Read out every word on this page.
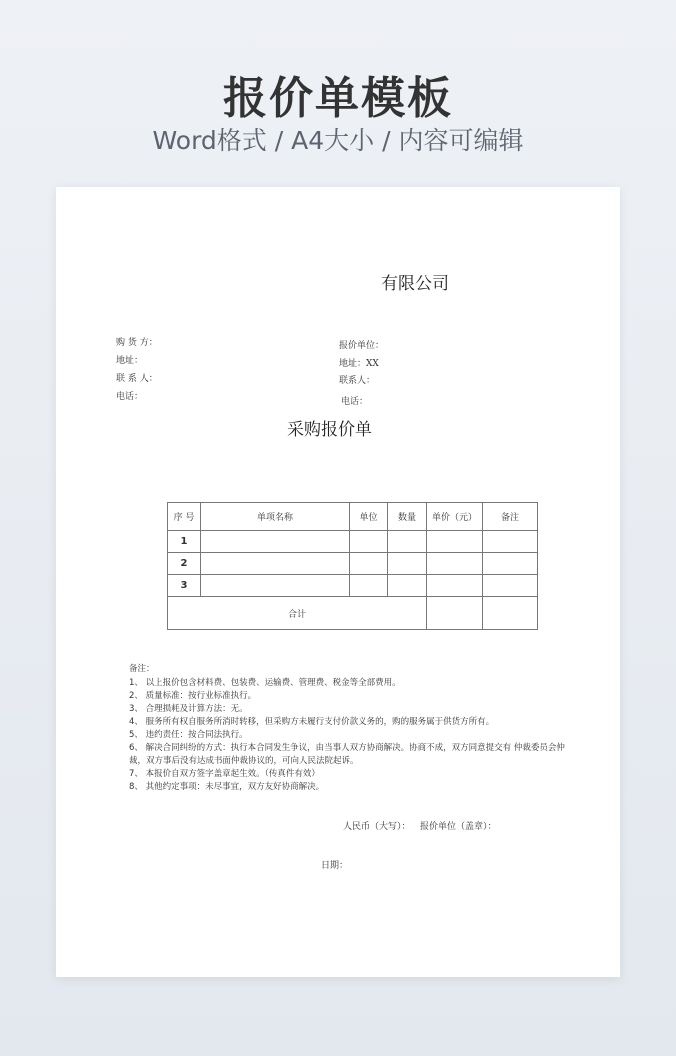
报价单模板
Word格式 / A4大小 / 内容可编辑
有限公司
购 货 方：
地址：
联 系 人：
电话：
报价单位：
地址：XX
联系人：
电话：
采购报价单
序 号	单项名称	单位	数量	单价（元）	备注
1					
2					
3					
合计					
备注：
1、 以上报价包含材料费、包装费、运输费、管理费、税金等全部费用。
2、 质量标准：按行业标准执行。
3、 合理损耗及计算方法：无。
4、 服务所有权自服务所消时转移，但采购方未履行支付价款义务的，购的服务属于供货方所有。
5、 违约责任：按合同法执行。
6、 解决合同纠纷的方式：执行本合同发生争议，由当事人双方协商解决。协商不成，双方同意提交有 仲裁委员会仲
裁，双方事后没有达成书面仲裁协议的，可向人民法院起诉。
7、 本报价自双方签字盖章起生效。（传真件有效）
8、 其他约定事项：未尽事宜，双方友好协商解决。
人民币（大写）： 报价单位（盖章）：
日期：
